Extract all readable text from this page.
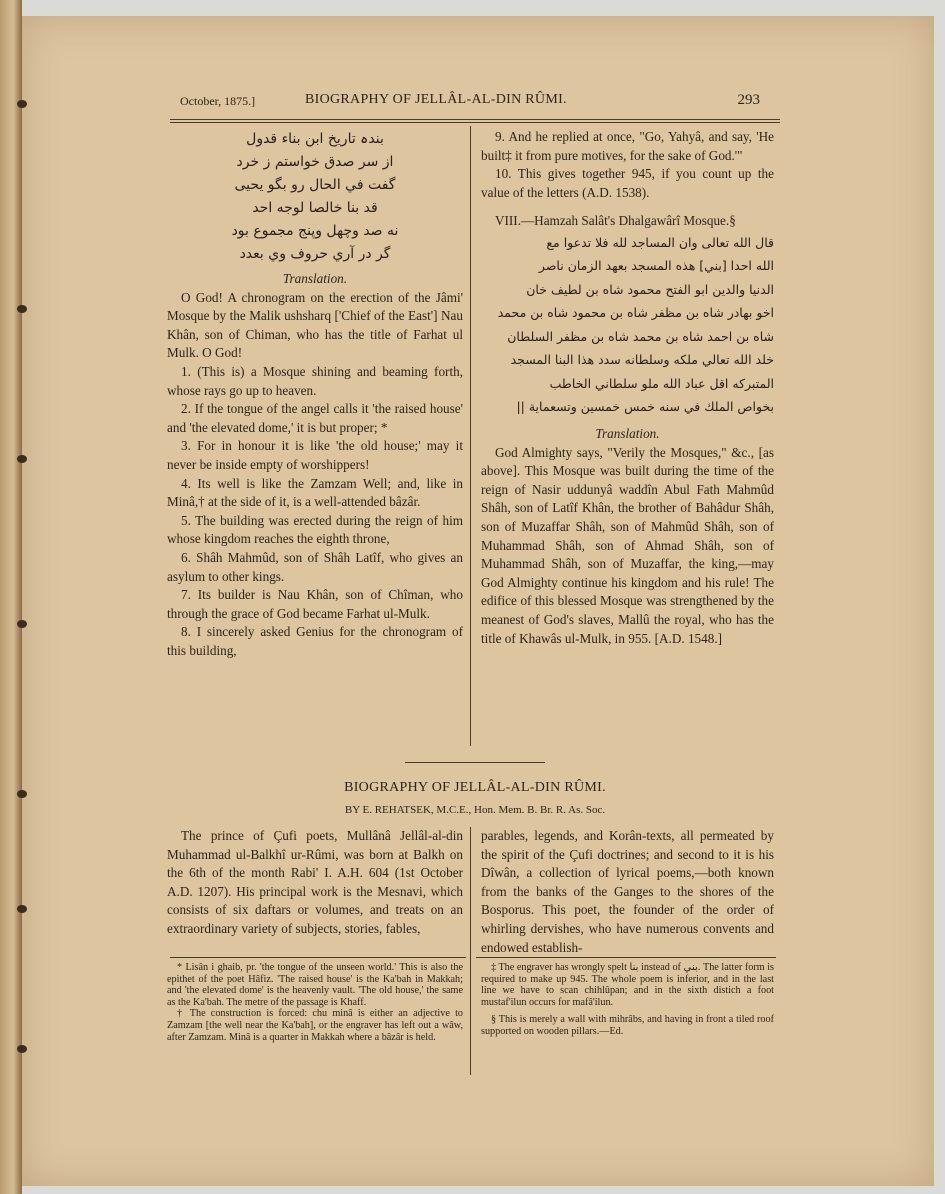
October, 1875.]	BIOGRAPHY OF JELLÂL-AL-DIN RÛMI.	293
بندہ تاریخ ابن بناء قدول
از سر صدق خواستم ز خرد
گفت في الحال رو بگو يحيى
قد بنا خالصا لوجه احد
نه صد وچهل وپنج مجموع بود
گر در آري حروف وي بعدد

Translation.

O God! A chronogram on the erection of the Jâmi' Mosque by the Malik ushsharq ['Chief of the East'] Nau Khân, son of Chiman, who has the title of Farhat ul Mulk. O God!

1. (This is) a Mosque shining and beaming forth, whose rays go up to heaven.

2. If the tongue of the angel calls it 'the raised house' and 'the elevated dome,' it is but proper; *

3. For in honour it is like 'the old house;' may it never be inside empty of worshippers!

4. Its well is like the Zamzam Well; and, like in Minâ,† at the side of it, is a well-attended bâzâr.

5. The building was erected during the reign of him whose kingdom reaches the eighth throne,

6. Shâh Mahmûd, son of Shâh Latîf, who gives an asylum to other kings.

7. Its builder is Nau Khân, son of Chîman, who through the grace of God became Farhat ul-Mulk.

8. I sincerely asked Genius for the chronogram of this building,

9. And he replied at once, "Go, Yahyâ, and say, 'He built‡ it from pure motives, for the sake of God.'"

10. This gives together 945, if you count up the value of the letters (A.D. 1538).

VIII.—Hamzah Salât's Dhalgawârî Mosque.§

قال الله تعالى وان المساجد لله فلا تدعوا مع
الله احدا [بني] هذه المسجد بعهد الزمان ناصر
الدنيا والدين ابو الفتح محمود شاه بن لطيف خان
اخو بهادر شاه بن مظفر شاه بن محمود شاه بن محمد
شاه بن احمد شاه بن محمد شاه بن مظفر السلطان
خلد الله تعالي ملكه وسلطانه سدد هذا البنا المسجد
المتبركه اقل عباد الله ملو سلطاني الخاطب
بخواص الملك في سنه خمس خمسين وتسعماية ||

Translation.

God Almighty says, "Verily the Mosques," &c., [as above]. This Mosque was built during the time of the reign of Nasir uddunyâ waddîn Abul Fath Mahmûd Shâh, son of Latîf Khân, the brother of Bahâdur Shâh, son of Muzaffar Shâh, son of Mahmûd Shâh, son of Muhammad Shâh, son of Ahmad Shâh, son of Muhammad Shâh, son of Muzaffar, the king,—may God Almighty continue his kingdom and his rule! The edifice of this blessed Mosque was strengthened by the meanest of God's slaves, Mallû the royal, who has the title of Khawâs ul-Mulk, in 955. [A.D. 1548.]

BIOGRAPHY OF JELLÂL-AL-DIN RÛMI.
BY E. REHATSEK, M.C.E., Hon. Mem. B. Br. R. As. Soc.

The prince of Çufi poets, Mullânâ Jellâl-al-din Muhammad ul-Balkhî ur-Rûmi, was born at Balkh on the 6th of the month Rabi' I. A.H. 604 (1st October A.D. 1207). His principal work is the Mesnavi, which consists of six daftars or volumes, and treats on an extraordinary variety of subjects, stories, fables,

parables, legends, and Korân-texts, all permeated by the spirit of the Çufi doctrines; and second to it is his Dîwân, a collection of lyrical poems,—both known from the banks of the Ganges to the shores of the Bosporus. This poet, the founder of the order of whirling dervishes, who have numerous convents and endowed establish-

* Lisân i ghaib, pr. 'the tongue of the unseen world.' This is also the epithet of the poet Hâfiz. 'The raised house' is the Ka'bah in Makkah; and 'the elevated dome' is the heavenly vault. 'The old house,' the same as the Ka'bah. The metre of the passage is Khaff.

† The construction is forced: chu minâ is either an adjective to Zamzam [the well near the Ka'bah], or the engraver has left out a wâw, after Zamzam. Minâ is a quarter in Makkah where a bâzâr is held.

‡ The engraver has wrongly spelt بنا instead of بني. The latter form is required to make up 945. The whole poem is inferior, and in the last line we have to scan chihlûpan; and in the sixth distich a foot mustaf'ilun occurs for mafâ'ilun.

§ This is merely a wall with mihrâbs, and having in front a tiled roof supported on wooden pillars.—Ed.
